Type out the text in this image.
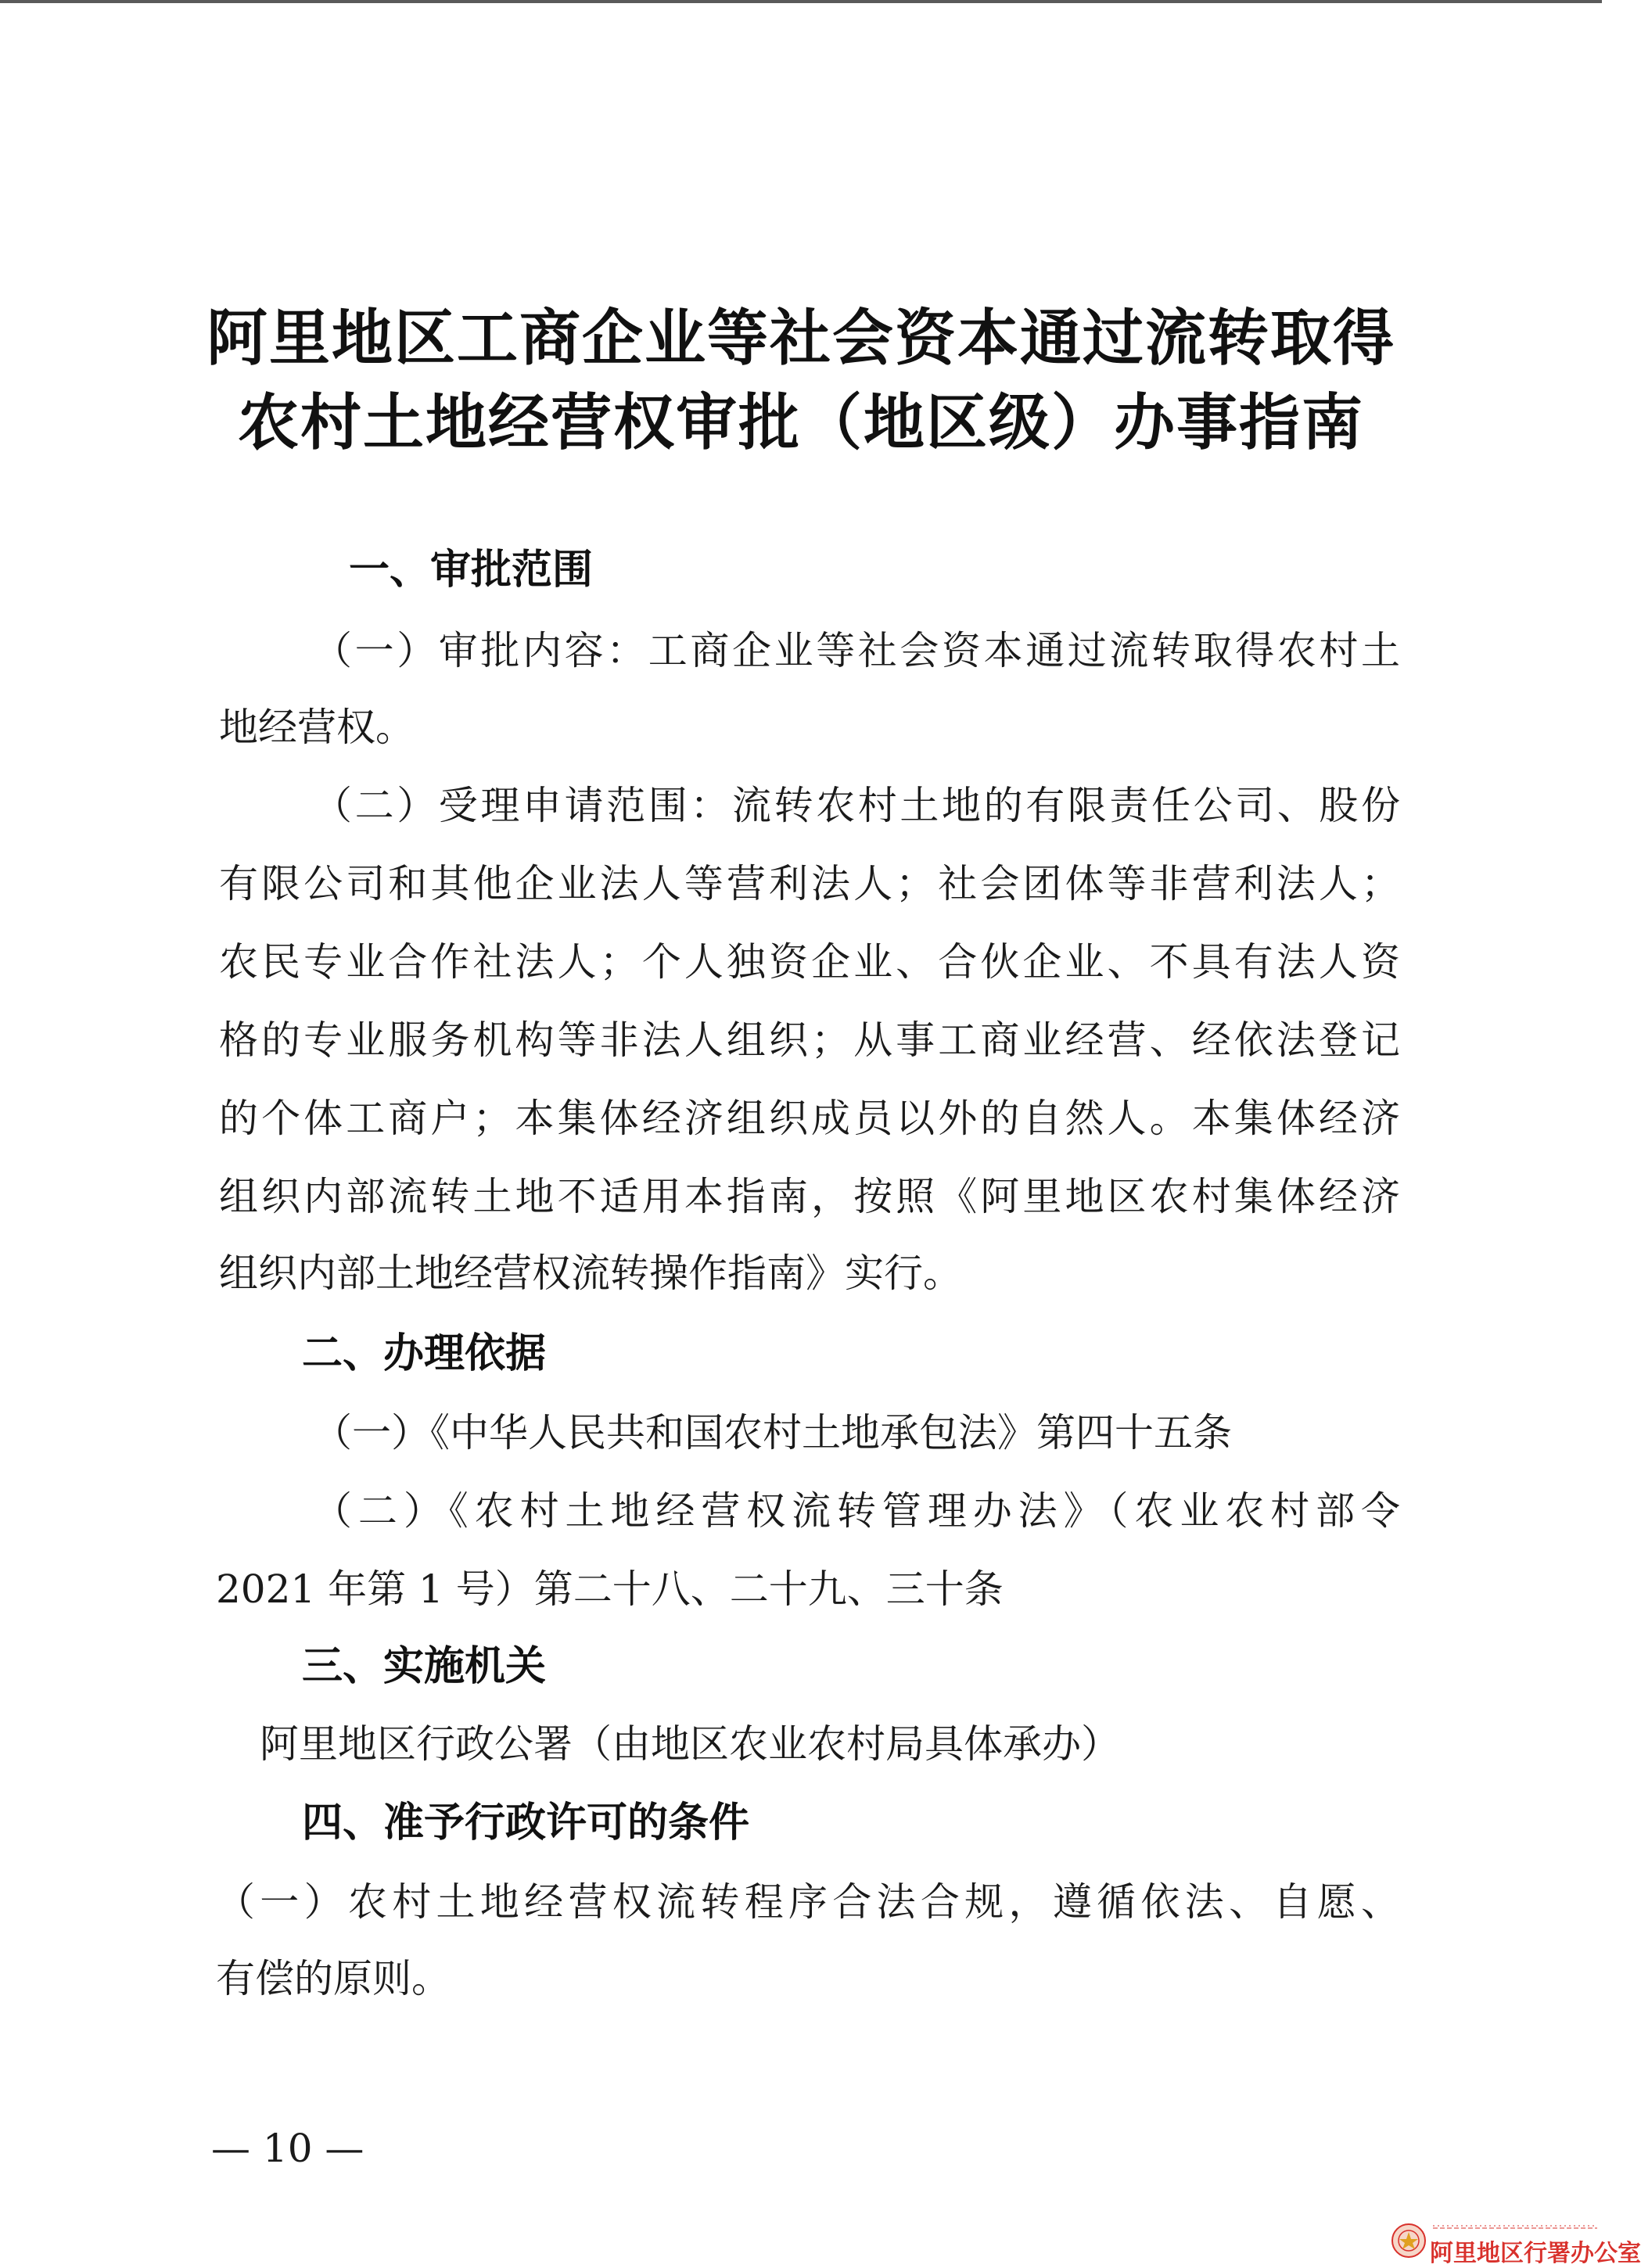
阿里地区工商企业等社会资本通过流转取得
农村土地经营权审批（地区级）办事指南
一、审批范围
（一）审批内容：工商企业等社会资本通过流转取得农村土
地经营权。
（二）受理申请范围：流转农村土地的有限责任公司、股份
有限公司和其他企业法人等营利法人；社会团体等非营利法人；
农民专业合作社法人；个人独资企业、合伙企业、不具有法人资
格的专业服务机构等非法人组织；从事工商业经营、经依法登记
的个体工商户；本集体经济组织成员以外的自然人。本集体经济
组织内部流转土地不适用本指南，按照《阿里地区农村集体经济
组织内部土地经营权流转操作指南》实行。
二、办理依据
（一）《中华人民共和国农村土地承包法》第四十五条
（二）《农村土地经营权流转管理办法》（农业农村部令
2021 年第 1 号）第二十八、二十九、三十条
三、实施机关
阿里地区行政公署（由地区农业农村局具体承办）
四、准予行政许可的条件
（一）农村土地经营权流转程序合法合规，遵循依法、自愿、
有偿的原则。
— 10 —
阿里地区行署办公室
